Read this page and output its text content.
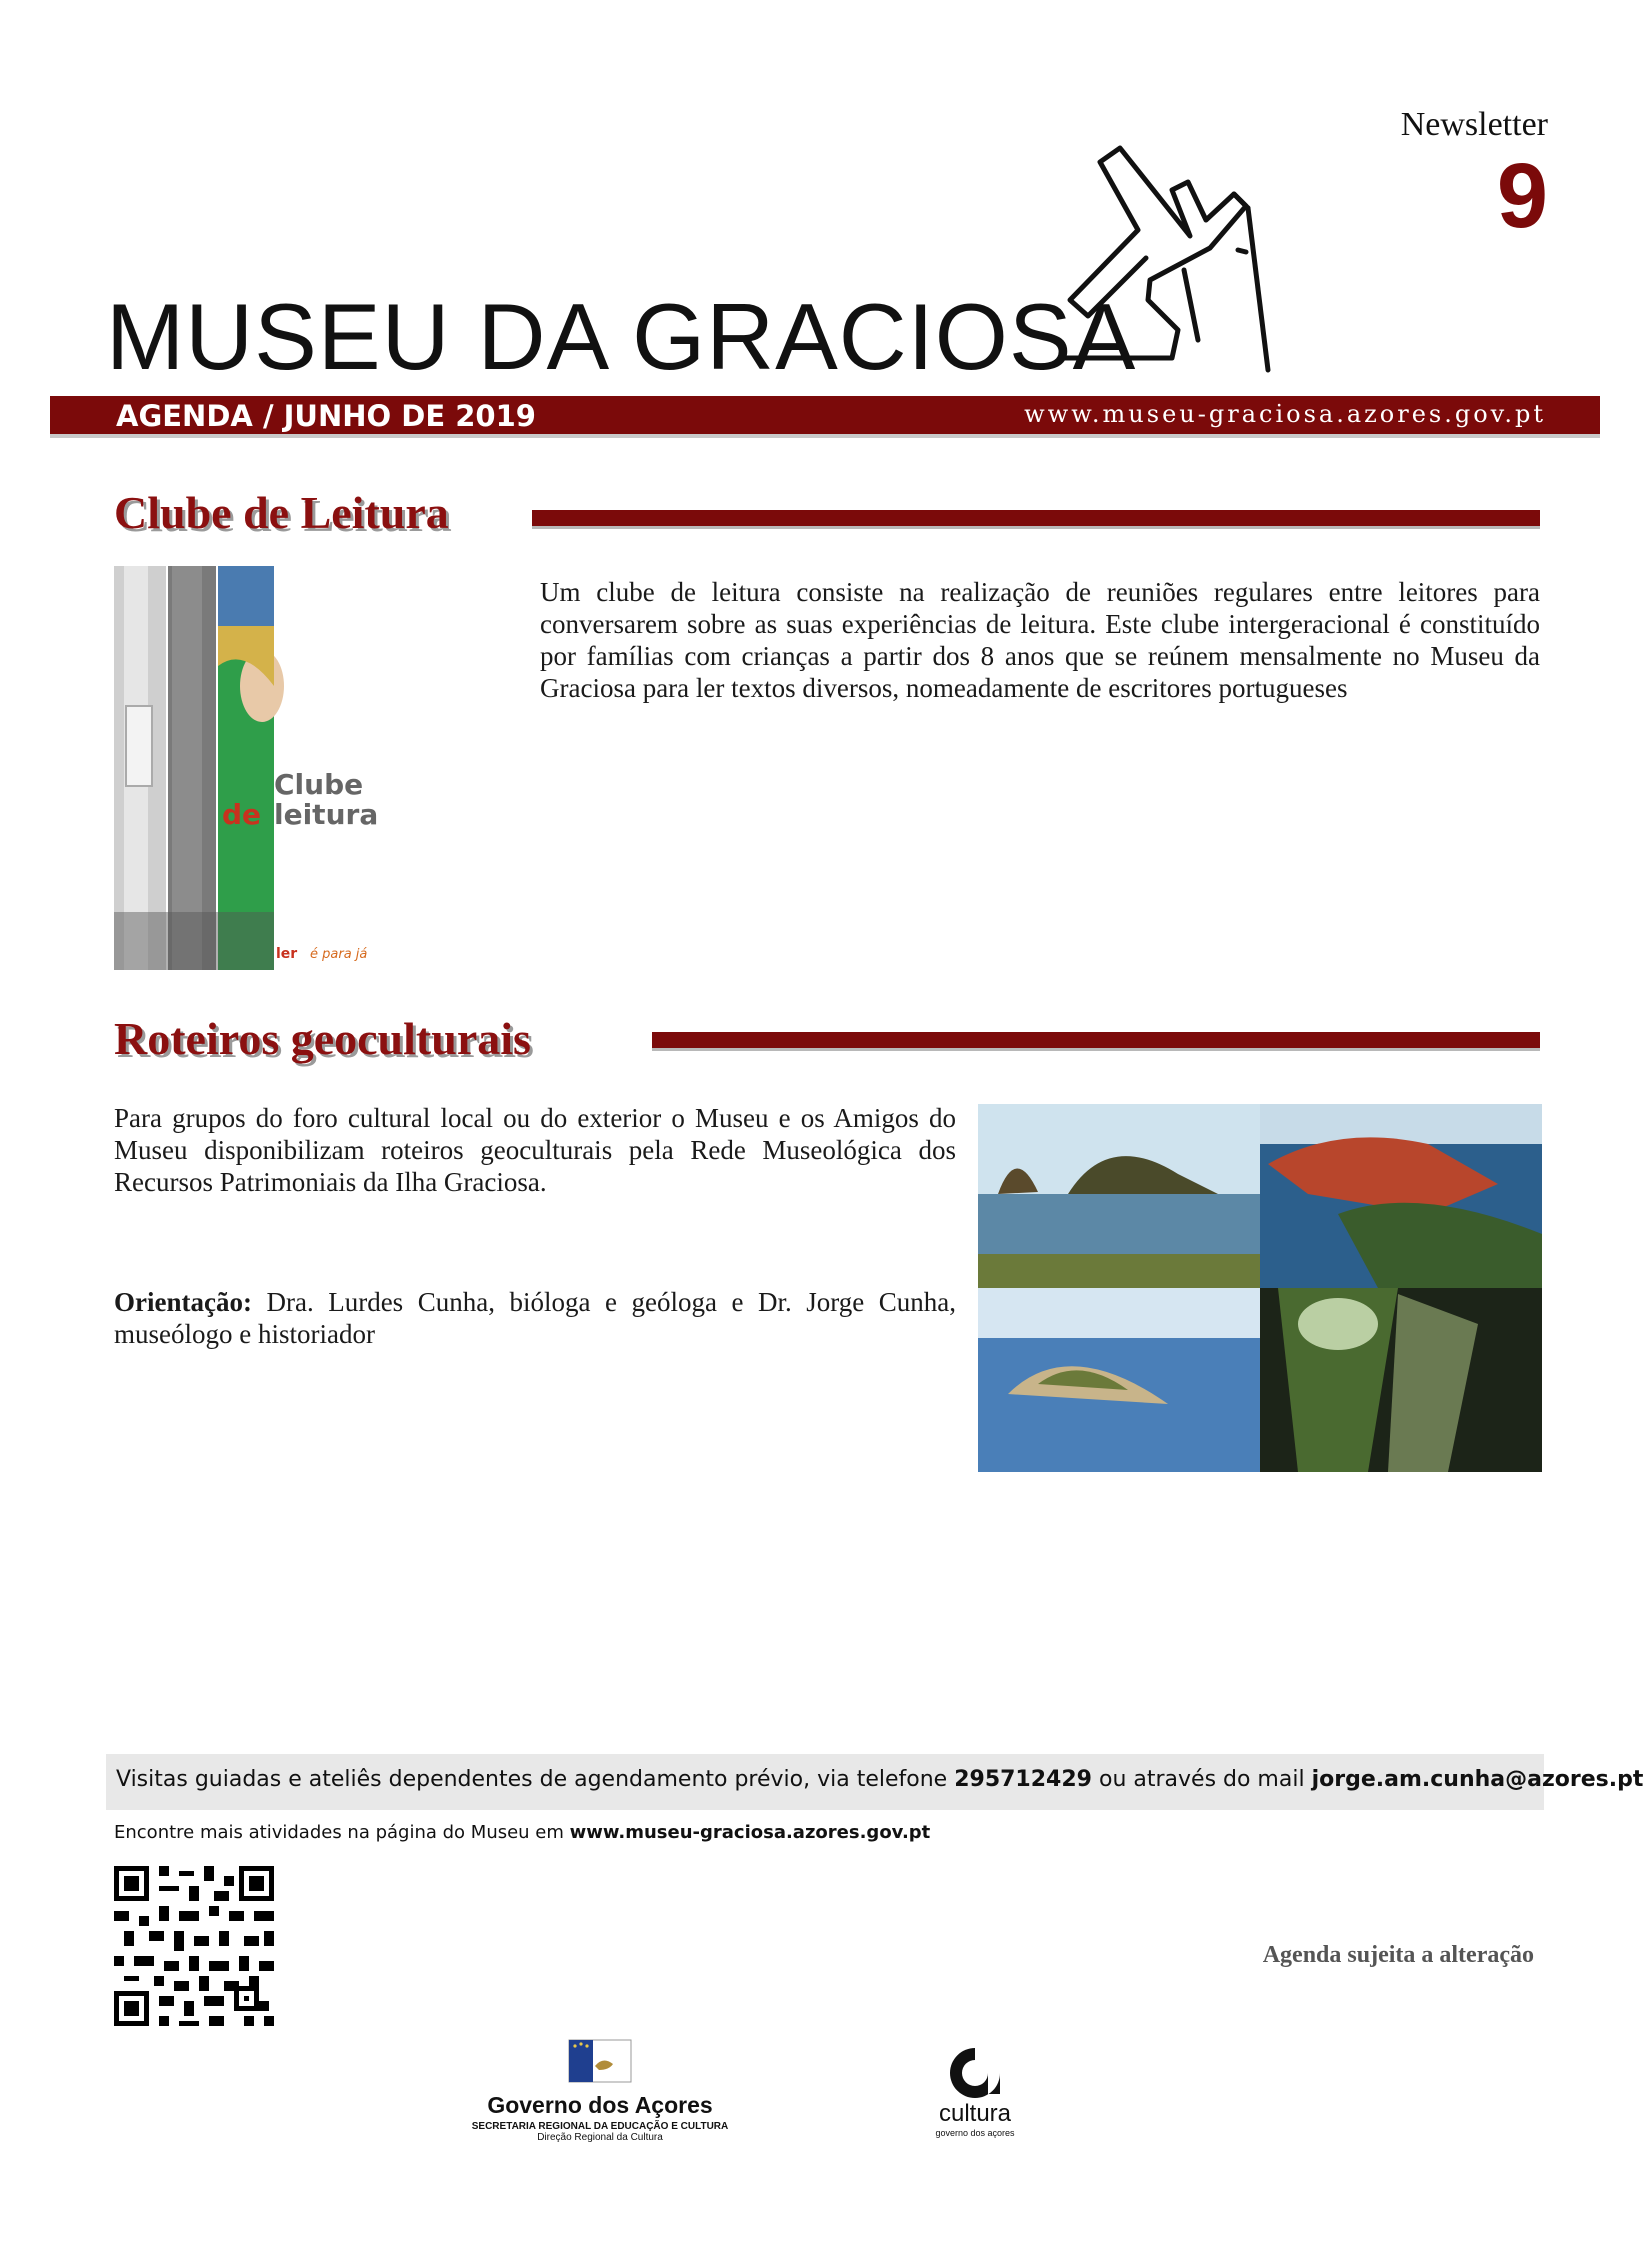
Newsletter
9
MUSEU DA GRACIOSA
AGENDA / JUNHO DE 2019	www.museu-graciosa.azores.gov.pt
Clube de Leitura
Clube
de leitura
ler é para já
Um clube de leitura consiste na realização de reuniões regulares entre leitores para conversarem sobre as suas experiências de leitura. Este clube intergeracional é constituído por famílias com crianças a partir dos 8 anos que se reúnem mensalmente no Museu da Graciosa para ler textos diversos, nomeadamente de escritores portugueses
Roteiros geoculturais
Para grupos do foro cultural local ou do exterior o Museu e os Amigos do Museu disponibilizam roteiros geoculturais pela Rede Museológica dos Recursos Patrimoniais da Ilha Graciosa.
Orientação: Dra. Lurdes Cunha, bióloga e geóloga e Dr. Jorge Cunha, museólogo e historiador
Visitas guiadas e ateliês dependentes de agendamento prévio, via telefone 295712429 ou através do mail jorge.am.cunha@azores.pt
Encontre mais atividades na página do Museu em www.museu-graciosa.azores.gov.pt
Agenda sujeita a alteração
Governo dos Açores
SECRETARIA REGIONAL DA EDUCAÇÃO E CULTURA
Direção Regional da Cultura
cultura
governo dos açores
